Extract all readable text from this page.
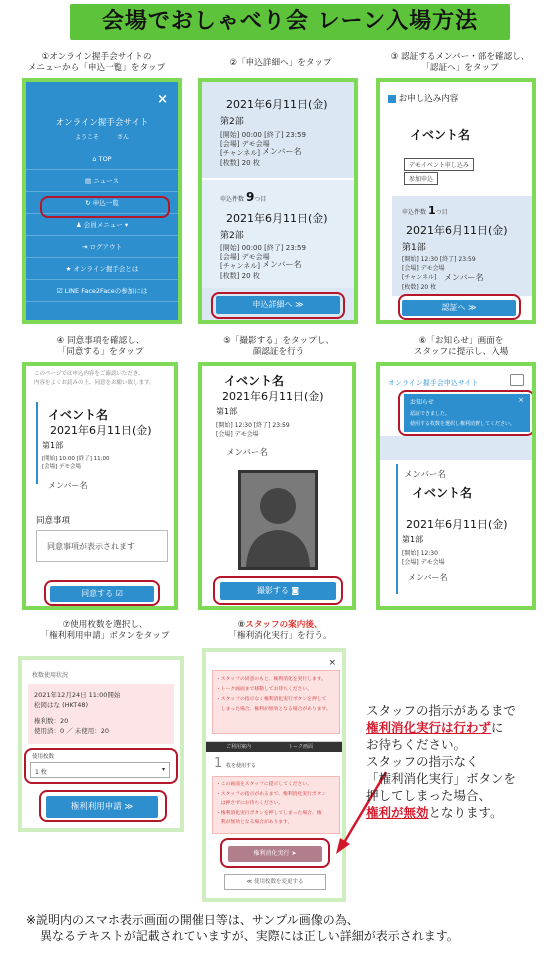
会場でおしゃべり会 レーン入場方法
①オンライン握手会サイトの
メニューから「申込一覧」をタップ	②「申込詳細へ」をタップ
③ 認証するメンバー・部を確認し、
「認証へ」をタップ
×
オンライン握手会サイト
ようこそ　　　さん
⌂ TOP
▤ ニュース
↻ 申込一覧
♟ 会員メニュー ▾
⇥ ログアウト
★ オンライン握手会とは
☑ LINE Face2Faceの参加には
2021年6月11日(金)
第2部
[開始] 00:00 [終了] 23:59
[会場] デモ会場
[チャンネル] メンバー名
[枚数] 20 枚
申込件数 9つ目
2021年6月11日(金)
第2部
[開始] 00:00 [終了] 23:59
[会場] デモ会場
[チャンネル] メンバー名
[枚数] 20 枚
申込詳細へ ≫
お申し込み内容
イベント名
デモイベント申し込み
参加申込
申込件数 1つ目
2021年6月11日(金)
第1部
[開始] 12:30 [終了] 23:59
[会場] デモ会場
[チャンネル] メンバー名
[枚数] 20 枚
認証へ ≫
④ 同意事項を確認し、
「同意する」をタップ
⑤「撮影する」をタップし、
顔認証を行う
⑥「お知らせ」画面を
スタッフに提示し、入場
このページでは申込内容をご確認いただき、
内容をよくお読みの上、同意をお願い致します。
イベント名
2021年6月11日(金)
第1部
[開始] 10:00 [終了] 11:00
[会場] デモ会場
メンバー名
同意事項
同意事項が表示されます
同意する ☑
イベント名
2021年6月11日(金)
第1部
[開始] 12:30 [終了] 23:59
[会場] デモ会場
メンバー名
撮影する ◙
オンライン握手会申込サイト
お知らせ	×
認証できました。
使用する枚数を選択し権利消費してください。
メンバー名
イベント名
2021年6月11日(金)
第1部
[開始] 12:30
[会場] デモ会場
メンバー名
⑦使用枚数を選択し、
「権利利用申請」ボタンをタップ
⑧スタッフの案内後、
「権利消化実行」を行う。
枚数使用状況
2021年12月24日 11:00開始
松岡はな (HKT48)
権利数：20
使用済：0 ／ 未使用：20
使用枚数
1 枚	▾
権利利用申請 ≫
×
・スタッフの同意のもと、権利消化を実行します。
・トーク画面まで移動してお待ちください。
・スタッフの指示なく権利消化実行ボタンを押して
　しまった場合、権利が無効となる場合があります。
ご利用案内	トーク画面
1 枚を使用する
・この画面をスタッフに提示してください。
・スタッフの指示があるまで、権利消化実行ボタン
　は押さずにお待ちください。
・権利消化実行ボタンを押してしまった場合、権
　利が無効となる場合があります。
権利消化実行 ➤
≪ 使用枚数を変更する
スタッフの指示があるまで
権利消化実行は行わずに
お待ちください。
スタッフの指示なく
「権利消化実行」ボタンを
押してしまった場合、
権利が無効となります。
※説明内のスマホ表示画面の開催日等は、サンプル画像の為、
異なるテキストが記載されていますが、実際には正しい詳細が表示されます。
